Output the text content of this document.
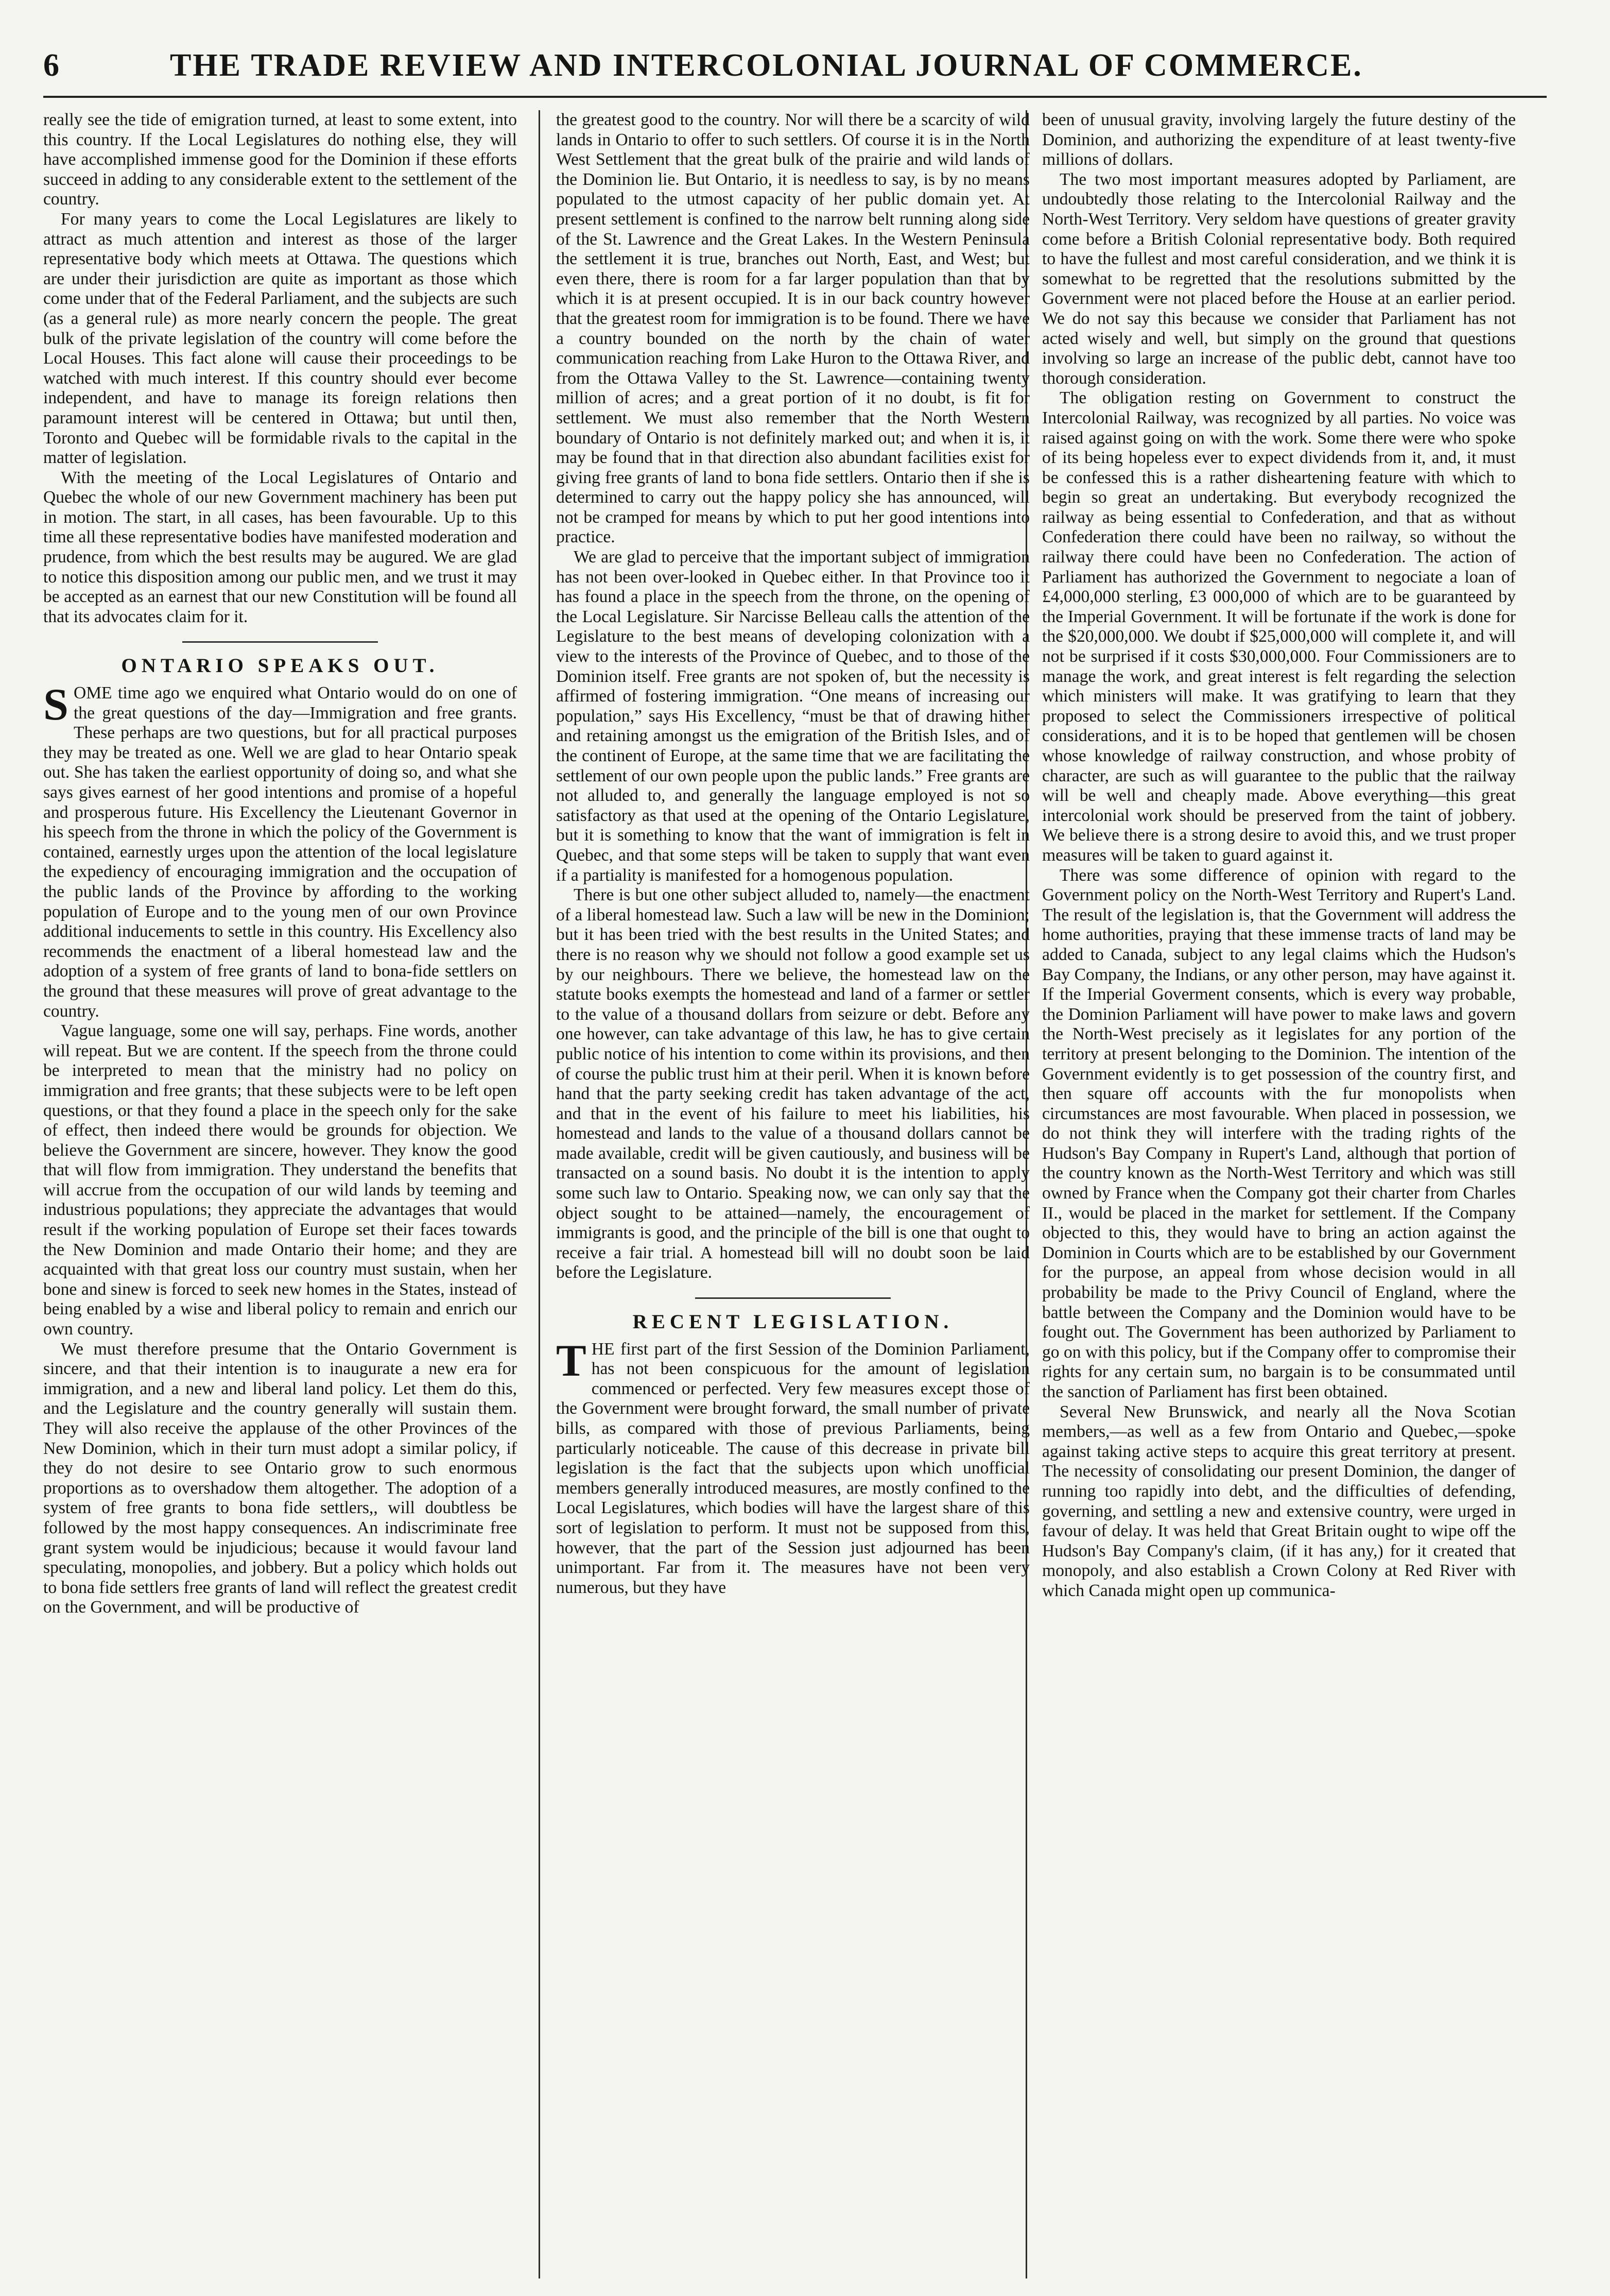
6	THE TRADE REVIEW AND INTERCOLONIAL JOURNAL OF COMMERCE.

really see the tide of emigration turned, at least to some extent, into this country. If the Local Legislatures do nothing else, they will have accomplished immense good for the Dominion if these efforts succeed in adding to any considerable extent to the settlement of the country.

For many years to come the Local Legislatures are likely to attract as much attention and interest as those of the larger representative body which meets at Ottawa. The questions which are under their jurisdiction are quite as important as those which come under that of the Federal Parliament, and the subjects are such (as a general rule) as more nearly concern the people. The great bulk of the private legislation of the country will come before the Local Houses. This fact alone will cause their proceedings to be watched with much interest. If this country should ever become independent, and have to manage its foreign relations then paramount interest will be centered in Ottawa; but until then, Toronto and Quebec will be formidable rivals to the capital in the matter of legislation.

With the meeting of the Local Legislatures of Ontario and Quebec the whole of our new Government machinery has been put in motion. The start, in all cases, has been favourable. Up to this time all these representative bodies have manifested moderation and prudence, from which the best results may be augured. We are glad to notice this disposition among our public men, and we trust it may be accepted as an earnest that our new Constitution will be found all that its advocates claim for it.

ONTARIO SPEAKS OUT.

SOME time ago we enquired what Ontario would do on one of the great questions of the day—Immigration and free grants. These perhaps are two questions, but for all practical purposes they may be treated as one. Well we are glad to hear Ontario speak out. She has taken the earliest opportunity of doing so, and what she says gives earnest of her good intentions and promise of a hopeful and prosperous future. His Excellency the Lieutenant Governor in his speech from the throne in which the policy of the Government is contained, earnestly urges upon the attention of the local legislature the expediency of encouraging immigration and the occupation of the public lands of the Province by affording to the working population of Europe and to the young men of our own Province additional inducements to settle in this country. His Excellency also recommends the enactment of a liberal homestead law and the adoption of a system of free grants of land to bona-fide settlers on the ground that these measures will prove of great advantage to the country.

Vague language, some one will say, perhaps. Fine words, another will repeat. But we are content. If the speech from the throne could be interpreted to mean that the ministry had no policy on immigration and free grants; that these subjects were to be left open questions, or that they found a place in the speech only for the sake of effect, then indeed there would be grounds for objection. We believe the Government are sincere, however. They know the good that will flow from immigration. They understand the benefits that will accrue from the occupation of our wild lands by teeming and industrious populations; they appreciate the advantages that would result if the working population of Europe set their faces towards the New Dominion and made Ontario their home; and they are acquainted with that great loss our country must sustain, when her bone and sinew is forced to seek new homes in the States, instead of being enabled by a wise and liberal policy to remain and enrich our own country.

We must therefore presume that the Ontario Government is sincere, and that their intention is to inaugurate a new era for immigration, and a new and liberal land policy. Let them do this, and the Legislature and the country generally will sustain them. They will also receive the applause of the other Provinces of the New Dominion, which in their turn must adopt a similar policy, if they do not desire to see Ontario grow to such enormous proportions as to overshadow them altogether. The adoption of a system of free grants to bona fide settlers,, will doubtless be followed by the most happy consequences. An indiscriminate free grant system would be injudicious; because it would favour land speculating, monopolies, and jobbery. But a policy which holds out to bona fide settlers free grants of land will reflect the greatest credit on the Government, and will be productive of

the greatest good to the country. Nor will there be a scarcity of wild lands in Ontario to offer to such settlers. Of course it is in the North West Settlement that the great bulk of the prairie and wild lands of the Dominion lie. But Ontario, it is needless to say, is by no means populated to the utmost capacity of her public domain yet. At present settlement is confined to the narrow belt running along side of the St. Lawrence and the Great Lakes. In the Western Peninsula the settlement it is true, branches out North, East, and West; but even there, there is room for a far larger population than that by which it is at present occupied. It is in our back country however that the greatest room for immigration is to be found. There we have a country bounded on the north by the chain of water communication reaching from Lake Huron to the Ottawa River, and from the Ottawa Valley to the St. Lawrence—containing twenty million of acres; and a great portion of it no doubt, is fit for settlement. We must also remember that the North Western boundary of Ontario is not definitely marked out; and when it is, it may be found that in that direction also abundant facilities exist for giving free grants of land to bona fide settlers. Ontario then if she is determined to carry out the happy policy she has announced, will not be cramped for means by which to put her good intentions into practice.

We are glad to perceive that the important subject of immigration has not been over-looked in Quebec either. In that Province too it has found a place in the speech from the throne, on the opening of the Local Legislature. Sir Narcisse Belleau calls the attention of the Legislature to the best means of developing colonization with a view to the interests of the Province of Quebec, and to those of the Dominion itself. Free grants are not spoken of, but the necessity is affirmed of fostering immigration. “One means of increasing our population,” says His Excellency, “must be that of drawing hither and retaining amongst us the emigration of the British Isles, and of the continent of Europe, at the same time that we are facilitating the settlement of our own people upon the public lands.” Free grants are not alluded to, and generally the language employed is not so satisfactory as that used at the opening of the Ontario Legislature, but it is something to know that the want of immigration is felt in Quebec, and that some steps will be taken to supply that want even if a partiality is manifested for a homogenous population.

There is but one other subject alluded to, namely—the enactment of a liberal homestead law. Such a law will be new in the Dominion; but it has been tried with the best results in the United States; and there is no reason why we should not follow a good example set us by our neighbours. There we believe, the homestead law on the statute books exempts the homestead and land of a farmer or settler to the value of a thousand dollars from seizure or debt. Before any one however, can take advantage of this law, he has to give certain public notice of his intention to come within its provisions, and then of course the public trust him at their peril. When it is known before hand that the party seeking credit has taken advantage of the act, and that in the event of his failure to meet his liabilities, his homestead and lands to the value of a thousand dollars cannot be made available, credit will be given cautiously, and business will be transacted on a sound basis. No doubt it is the intention to apply some such law to Ontario. Speaking now, we can only say that the object sought to be attained—namely, the encouragement of immigrants is good, and the principle of the bill is one that ought to receive a fair trial. A homestead bill will no doubt soon be laid before the Legislature.

RECENT LEGISLATION.

THE first part of the first Session of the Dominion Parliament, has not been conspicuous for the amount of legislation commenced or perfected. Very few measures except those of the Government were brought forward, the small number of private bills, as compared with those of previous Parliaments, being particularly noticeable. The cause of this decrease in private bill legislation is the fact that the subjects upon which unofficial members generally introduced measures, are mostly confined to the Local Legislatures, which bodies will have the largest share of this sort of legislation to perform. It must not be supposed from this, however, that the part of the Session just adjourned has been unimportant. Far from it. The measures have not been very numerous, but they have

been of unusual gravity, involving largely the future destiny of the Dominion, and authorizing the expenditure of at least twenty-five millions of dollars.

The two most important measures adopted by Parliament, are undoubtedly those relating to the Intercolonial Railway and the North-West Territory. Very seldom have questions of greater gravity come before a British Colonial representative body. Both required to have the fullest and most careful consideration, and we think it is somewhat to be regretted that the resolutions submitted by the Government were not placed before the House at an earlier period. We do not say this because we consider that Parliament has not acted wisely and well, but simply on the ground that questions involving so large an increase of the public debt, cannot have too thorough consideration.

The obligation resting on Government to construct the Intercolonial Railway, was recognized by all parties. No voice was raised against going on with the work. Some there were who spoke of its being hopeless ever to expect dividends from it, and, it must be confessed this is a rather disheartening feature with which to begin so great an undertaking. But everybody recognized the railway as being essential to Confederation, and that as without Confederation there could have been no railway, so without the railway there could have been no Confederation. The action of Parliament has authorized the Government to negociate a loan of £4,000,000 sterling, £3 000,000 of which are to be guaranteed by the Imperial Government. It will be fortunate if the work is done for the $20,000,000. We doubt if $25,000,000 will complete it, and will not be surprised if it costs $30,000,000. Four Commissioners are to manage the work, and great interest is felt regarding the selection which ministers will make. It was gratifying to learn that they proposed to select the Commissioners irrespective of political considerations, and it is to be hoped that gentlemen will be chosen whose knowledge of railway construction, and whose probity of character, are such as will guarantee to the public that the railway will be well and cheaply made. Above everything—this great intercolonial work should be preserved from the taint of jobbery. We believe there is a strong desire to avoid this, and we trust proper measures will be taken to guard against it.

There was some difference of opinion with regard to the Government policy on the North-West Territory and Rupert's Land. The result of the legislation is, that the Government will address the home authorities, praying that these immense tracts of land may be added to Canada, subject to any legal claims which the Hudson's Bay Company, the Indians, or any other person, may have against it. If the Imperial Goverment consents, which is every way probable, the Dominion Parliament will have power to make laws and govern the North-West precisely as it legislates for any portion of the territory at present belonging to the Dominion. The intention of the Government evidently is to get possession of the country first, and then square off accounts with the fur monopolists when circumstances are most favourable. When placed in possession, we do not think they will interfere with the trading rights of the Hudson's Bay Company in Rupert's Land, although that portion of the country known as the North-West Territory and which was still owned by France when the Company got their charter from Charles II., would be placed in the market for settlement. If the Company objected to this, they would have to bring an action against the Dominion in Courts which are to be established by our Government for the purpose, an appeal from whose decision would in all probability be made to the Privy Council of England, where the battle between the Company and the Dominion would have to be fought out. The Government has been authorized by Parliament to go on with this policy, but if the Company offer to compromise their rights for any certain sum, no bargain is to be consummated until the sanction of Parliament has first been obtained.

Several New Brunswick, and nearly all the Nova Scotian members,—as well as a few from Ontario and Quebec,—spoke against taking active steps to acquire this great territory at present. The necessity of consolidating our present Dominion, the danger of running too rapidly into debt, and the difficulties of defending, governing, and settling a new and extensive country, were urged in favour of delay. It was held that Great Britain ought to wipe off the Hudson's Bay Company's claim, (if it has any,) for it created that monopoly, and also establish a Crown Colony at Red River with which Canada might open up communica-
